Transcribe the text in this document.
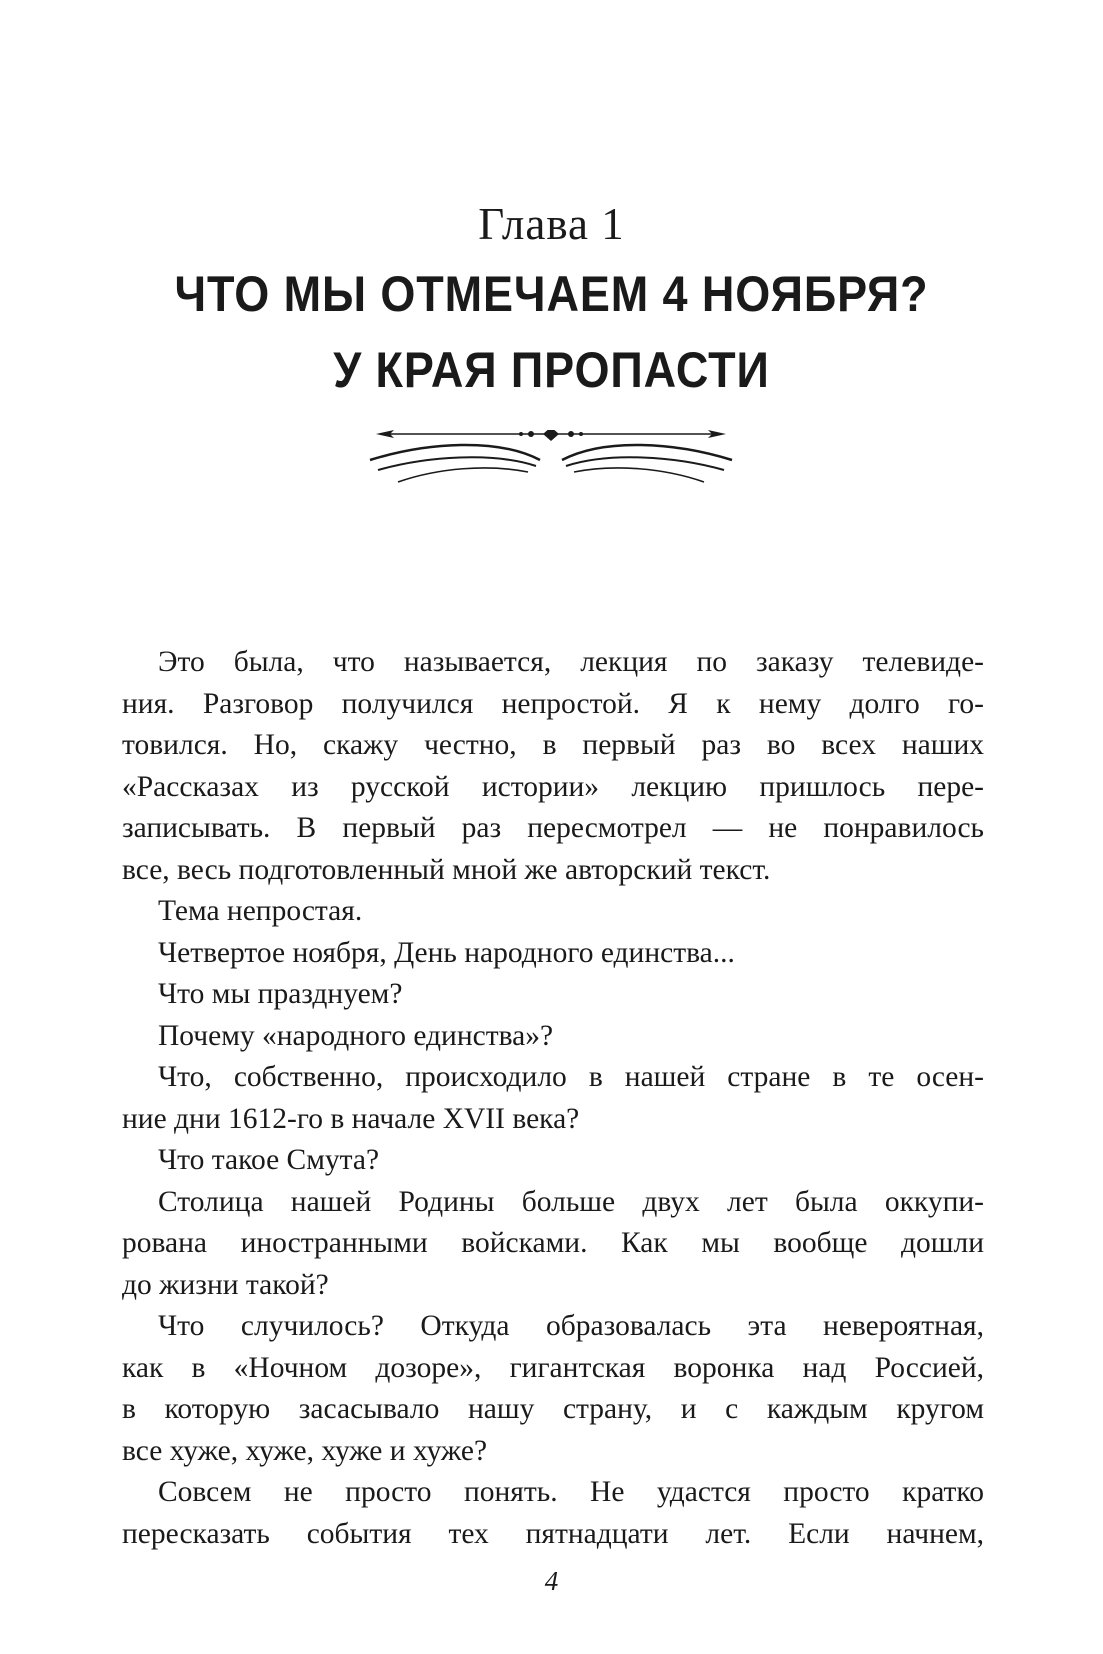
Глава 1
ЧТО МЫ ОТМЕЧАЕМ 4 НОЯБРЯ?
У КРАЯ ПРОПАСТИ
Это была, что называется, лекция по заказу телевиде-
ния. Разговор получился непростой. Я к нему долго го-
товился. Но, скажу честно, в первый раз во всех наших
«Рассказах из русской истории» лекцию пришлось пере-
записывать. В первый раз пересмотрел — не понравилось
все, весь подготовленный мной же авторский текст.
Тема непростая.
Четвертое ноября, День народного единства...
Что мы празднуем?
Почему «народного единства»?
Что, собственно, происходило в нашей стране в те осен-
ние дни 1612-го в начале XVII века?
Что такое Смута?
Столица нашей Родины больше двух лет была оккупи-
рована иностранными войсками. Как мы вообще дошли
до жизни такой?
Что случилось? Откуда образовалась эта невероятная,
как в «Ночном дозоре», гигантская воронка над Россией,
в которую засасывало нашу страну, и с каждым кругом
все хуже, хуже, хуже и хуже?
Совсем не просто понять. Не удастся просто кратко
пересказать события тех пятнадцати лет. Если начнем,
4
